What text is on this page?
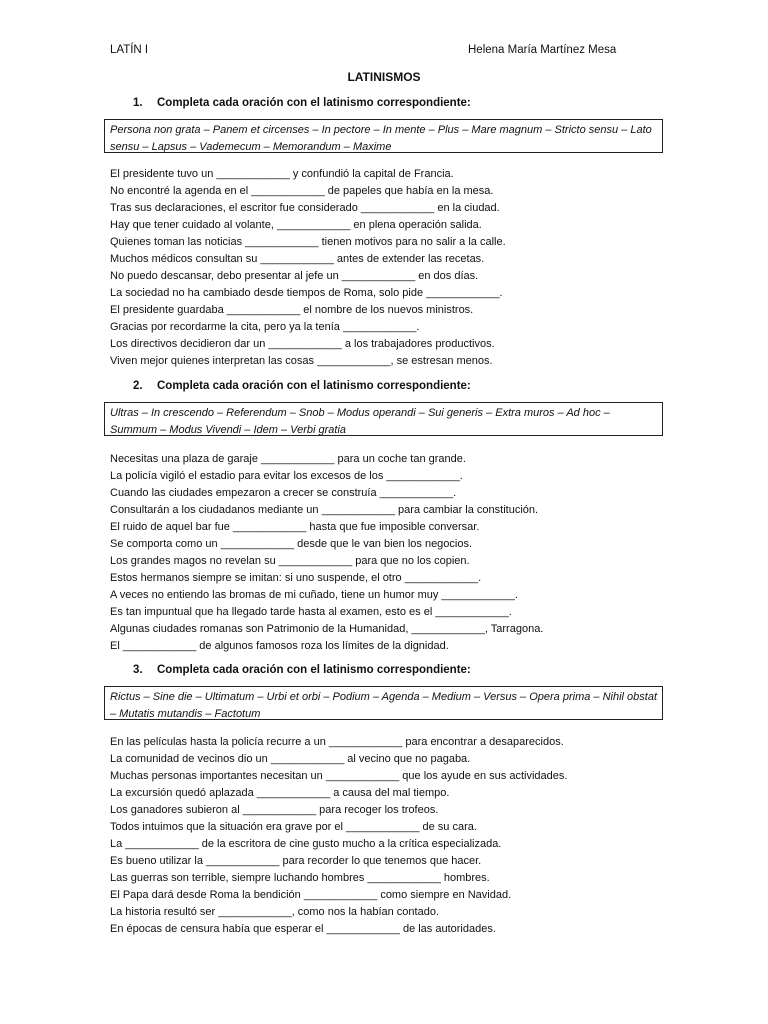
LATÍN I	Helena María Martínez Mesa
LATINISMOS
1. Completa cada oración con el latinismo correspondiente:
Persona non grata – Panem et circenses – In pectore – In mente – Plus – Mare magnum – Stricto sensu – Lato sensu – Lapsus – Vademecum – Memorandum – Maxime
El presidente tuvo un ____________ y confundió la capital de Francia.
No encontré la agenda en el ____________ de papeles que había en la mesa.
Tras sus declaraciones, el escritor fue considerado ____________ en la ciudad.
Hay que tener cuidado al volante, ____________ en plena operación salida.
Quienes toman las noticias ____________ tienen motivos para no salir a la calle.
Muchos médicos consultan su ____________ antes de extender las recetas.
No puedo descansar, debo presentar al jefe un ____________ en dos días.
La sociedad no ha cambiado desde tiempos de Roma, solo pide ____________.
El presidente guardaba ____________ el nombre de los nuevos ministros.
Gracias por recordarme la cita, pero ya la tenía ____________.
Los directivos decidieron dar un ____________ a los trabajadores productivos.
Viven mejor quienes interpretan las cosas ____________, se estresan menos.
2. Completa cada oración con el latinismo correspondiente:
Ultras – In crescendo – Referendum – Snob – Modus operandi – Sui generis – Extra muros – Ad hoc – Summum – Modus Vivendi – Idem – Verbi gratia
Necesitas una plaza de garaje ____________ para un coche tan grande.
La policía vigiló el estadio para evitar los excesos de los ____________.
Cuando las ciudades empezaron a crecer se construía ____________.
Consultarán a los ciudadanos mediante un ____________ para cambiar la constitución.
El ruido de aquel bar fue ____________ hasta que fue imposible conversar.
Se comporta como un ____________ desde que le van bien los negocios.
Los grandes magos no revelan su ____________ para que no los copien.
Estos hermanos siempre se imitan: si uno suspende, el otro ____________.
A veces no entiendo las bromas de mi cuñado, tiene un humor muy ____________.
Es tan impuntual que ha llegado tarde hasta al examen, esto es el ____________.
Algunas ciudades romanas son Patrimonio de la Humanidad, ____________, Tarragona.
El ____________ de algunos famosos roza los límites de la dignidad.
3. Completa cada oración con el latinismo correspondiente:
Rictus – Sine die – Ultimatum – Urbi et orbi – Podium – Agenda – Medium – Versus – Opera prima – Nihil obstat – Mutatis mutandis – Factotum
En las películas hasta la policía recurre a un ____________ para encontrar a desaparecidos.
La comunidad de vecinos dio un ____________ al vecino que no pagaba.
Muchas personas importantes necesitan un ____________ que los ayude en sus actividades.
La excursión quedó aplazada ____________ a causa del mal tiempo.
Los ganadores subieron al ____________ para recoger los trofeos.
Todos intuimos que la situación era grave por el ____________ de su cara.
La ____________ de la escritora de cine gusto mucho a la crítica especializada.
Es bueno utilizar la ____________ para recorder lo que tenemos que hacer.
Las guerras son terrible, siempre luchando hombres ____________ hombres.
El Papa dará desde Roma la bendición ____________ como siempre en Navidad.
La historia resultó ser ____________, como nos la habían contado.
En épocas de censura había que esperar el ____________ de las autoridades.
